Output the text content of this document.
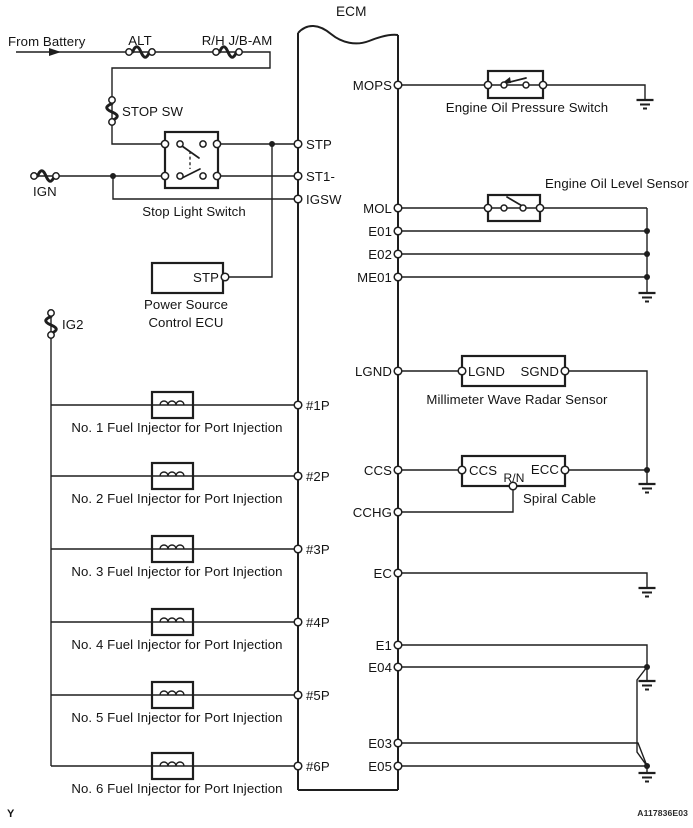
From Battery	ALT	R/H J/B-AM
STOP SW
IGN
IG2
Stop Light Switch
STP
Power Source
Control ECU
ECM
STP
ST1-
IGSW
#1P
#2P
#3P
#4P
#5P
#6P
MOPS
MOL
E01
E02
ME01
LGND
CCS
CCHG
EC
E1
E04
E03
E05
No. 1 Fuel Injector for Port Injection
No. 2 Fuel Injector for Port Injection
No. 3 Fuel Injector for Port Injection
No. 4 Fuel Injector for Port Injection
No. 5 Fuel Injector for Port Injection
No. 6 Fuel Injector for Port Injection
Engine Oil Pressure Switch
Engine Oil Level Sensor
LGND SGND
Millimeter Wave Radar Sensor
CCS R/N
ECC
Spiral Cable
Y	A117836E03
